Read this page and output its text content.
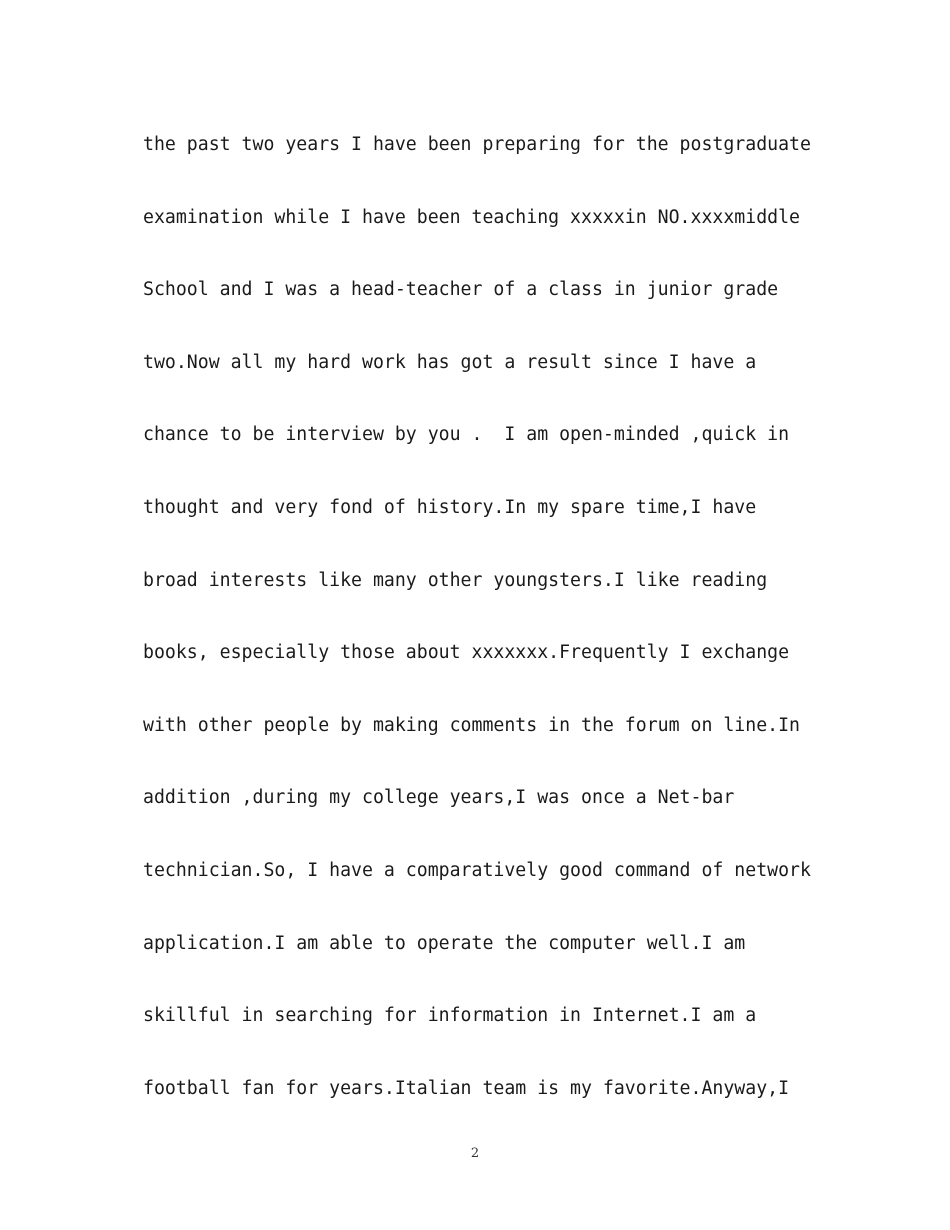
the past two years I have been preparing for the postgraduate
examination while I have been teaching xxxxxin NO.xxxxmiddle
School and I was a head-teacher of a class in junior grade
two.Now all my hard work has got a result since I have a
chance to be interview by you .  I am open-minded ,quick in
thought and very fond of history.In my spare time,I have
broad interests like many other youngsters.I like reading
books, especially those about xxxxxxx.Frequently I exchange
with other people by making comments in the forum on line.In
addition ,during my college years,I was once a Net-bar
technician.So, I have a comparatively good command of network
application.I am able to operate the computer well.I am
skillful in searching for information in Internet.I am a
football fan for years.Italian team is my favorite.Anyway,I
2
